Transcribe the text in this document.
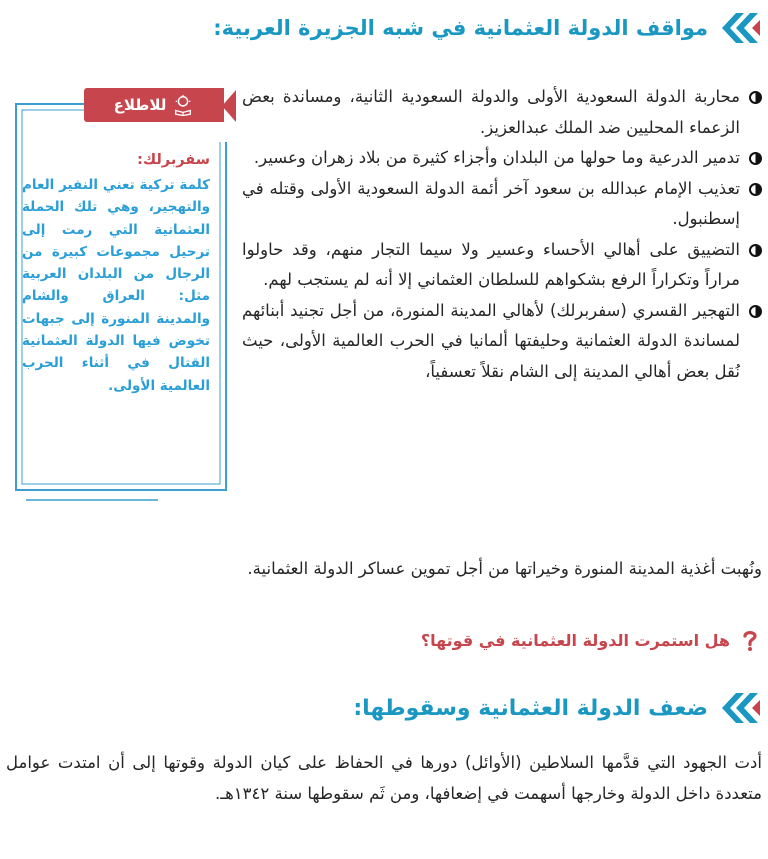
مواقف الدولة العثمانية في شبه الجزيرة العربية:
محاربة الدولة السعودية الأولى والدولة السعودية الثانية، ومساندة بعض الزعماء المحليين ضد الملك عبدالعزيز.
تدمير الدرعية وما حولها من البلدان وأجزاء كثيرة من بلاد زهران وعسير.
تعذيب الإمام عبدالله بن سعود آخر أئمة الدولة السعودية الأولى وقتله في إسطنبول.
التضييق على أهالي الأحساء وعسير ولا سيما التجار منهم، وقد حاولوا مراراً وتكراراً الرفع بشكواهم للسلطان العثماني إلا أنه لم يستجب لهم.
التهجير القسري (سفربرلك) لأهالي المدينة المنورة، من أجل تجنيد أبنائهم لمساندة الدولة العثمانية وحليفتها ألمانيا في الحرب العالمية الأولى، حيث نُقل بعض أهالي المدينة إلى الشام نقلاً تعسفياً،
ونُهبت أغذية المدينة المنورة وخيراتها من أجل تموين عساكر الدولة العثمانية.
للاطلاع
سفربرلك:
كلمة تركية تعني النفير العام والتهجير، وهي تلك الحملة العثمانية التي رمت إلى ترحيل مجموعات كبيرة من الرجال من البلدان العربية مثل: العراق والشام والمدينة المنورة إلى جبهات تخوض فيها الدولة العثمانية القتال في أثناء الحرب العالمية الأولى.
هل استمرت الدولة العثمانية في قوتها؟
ضعف الدولة العثمانية وسقوطها:
أدت الجهود التي قدَّمها السلاطين (الأوائل) دورها في الحفاظ على كيان الدولة وقوتها إلى أن امتدت عوامل متعددة داخل الدولة وخارجها أسهمت في إضعافها، ومن ثَم سقوطها سنة ١٣٤٢هـ.
